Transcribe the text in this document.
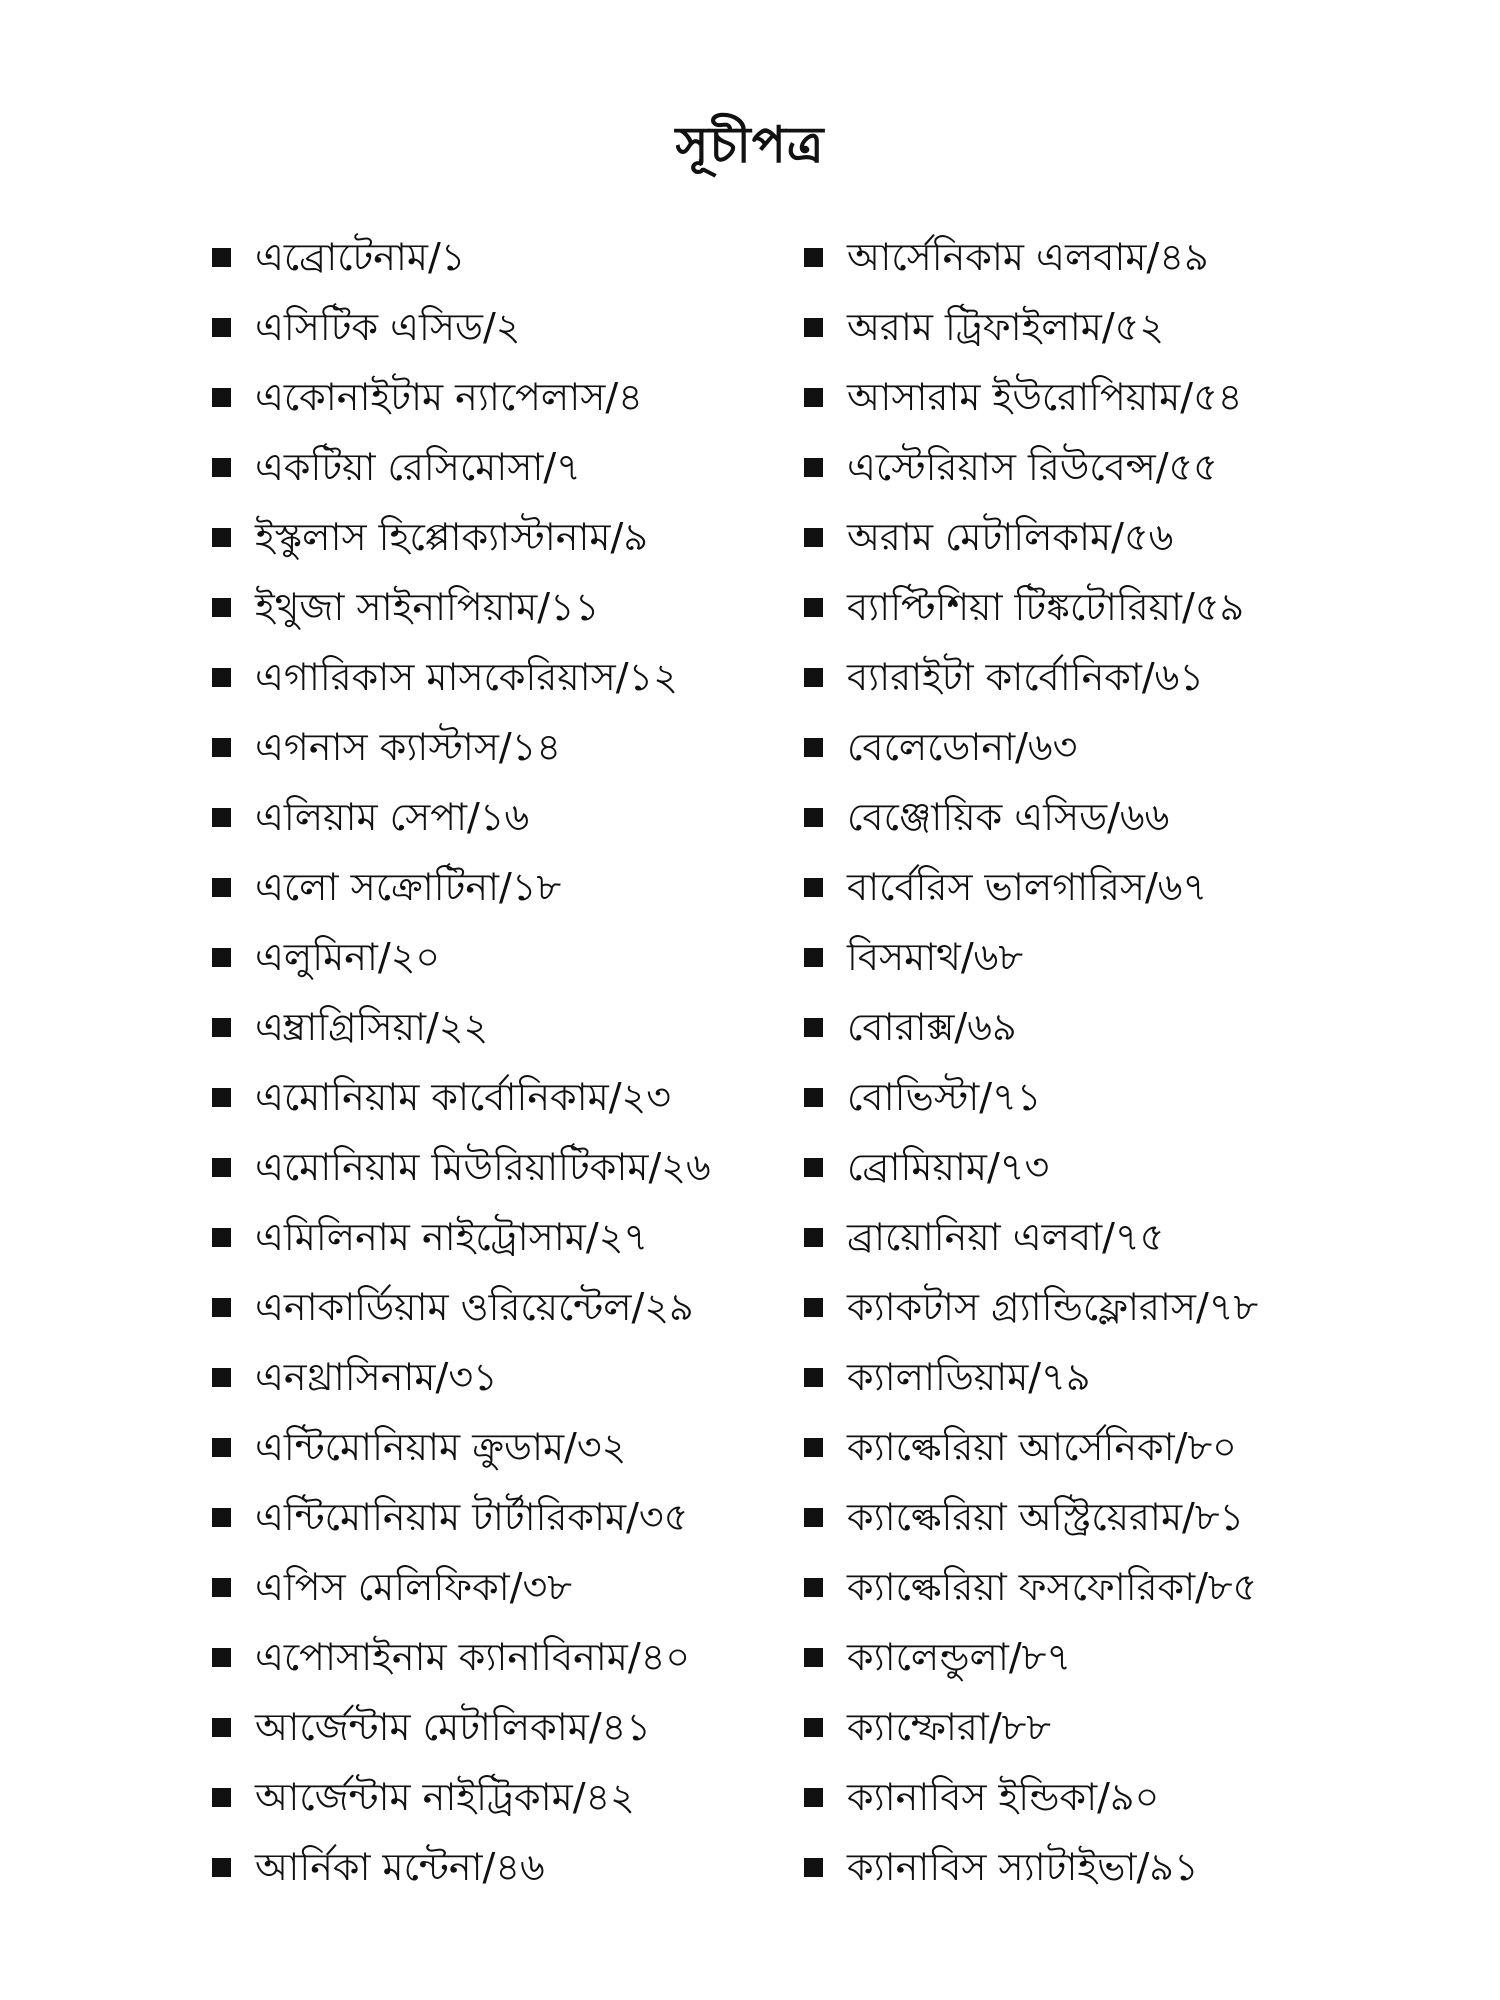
সূচীপত্র
এব্রোটেনাম/১
এসিটিক এসিড/২
একোনাইটাম ন্যাপেলাস/৪
একটিয়া রেসিমোসা/৭
ইস্কুলাস হিপ্পোক্যাস্টানাম/৯
ইথুজা সাইনাপিয়াম/১১
এগারিকাস মাসকেরিয়াস/১২
এগনাস ক্যাস্টাস/১৪
এলিয়াম সেপা/১৬
এলো সক্রোটিনা/১৮
এলুমিনা/২০
এম্ব্রাগ্রিসিয়া/২২
এমোনিয়াম কার্বোনিকাম/২৩
এমোনিয়াম মিউরিয়াটিকাম/২৬
এমিলিনাম নাইট্রোসাম/২৭
এনাকার্ডিয়াম ওরিয়েন্টেল/২৯
এনথ্রাসিনাম/৩১
এন্টিমোনিয়াম ক্রুডাম/৩২
এন্টিমোনিয়াম টার্টারিকাম/৩৫
এপিস মেলিফিকা/৩৮
এপোসাইনাম ক্যানাবিনাম/৪০
আর্জেন্টাম মেটালিকাম/৪১
আর্জেন্টাম নাইট্রিকাম/৪২
আর্নিকা মন্টেনা/৪৬
আর্সেনিকাম এলবাম/৪৯
অরাম ট্রিফাইলাম/৫২
আসারাম ইউরোপিয়াম/৫৪
এস্টেরিয়াস রিউবেন্স/৫৫
অরাম মেটালিকাম/৫৬
ব্যাপ্টিশিয়া টিঙ্কটোরিয়া/৫৯
ব্যারাইটা কার্বোনিকা/৬১
বেলেডোনা/৬৩
বেঞ্জোয়িক এসিড/৬৬
বার্বেরিস ভালগারিস/৬৭
বিসমাথ/৬৮
বোরাক্স/৬৯
বোভিস্টা/৭১
ব্রোমিয়াম/৭৩
ব্রায়োনিয়া এলবা/৭৫
ক্যাকটাস গ্র্যান্ডিফ্লোরাস/৭৮
ক্যালাডিয়াম/৭৯
ক্যাল্কেরিয়া আর্সেনিকা/৮০
ক্যাল্কেরিয়া অস্ট্রিয়েরাম/৮১
ক্যাল্কেরিয়া ফসফোরিকা/৮৫
ক্যালেন্ডুলা/৮৭
ক্যাম্ফোরা/৮৮
ক্যানাবিস ইন্ডিকা/৯০
ক্যানাবিস স্যাটাইভা/৯১
